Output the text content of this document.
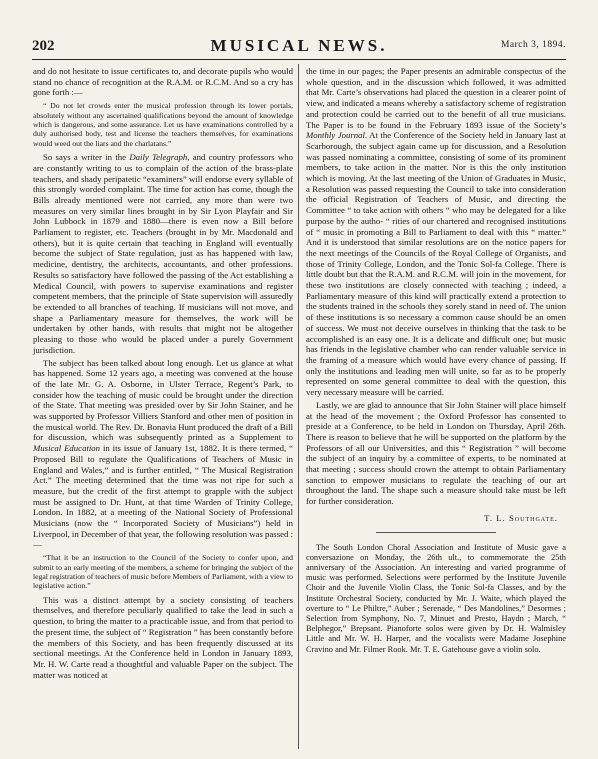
202	MUSICAL NEWS.	March 3, 1894.

and do not hesitate to issue certificates to, and decorate pupils who would stand no chance of recognition at the R.A.M. or R.C.M. And so a cry has gone forth :—

“ Do not let crowds enter the musical profession through its lower portals, absolutely without any ascertained qualifications beyond the amount of knowledge which is dangerous, and some assurance. Let us have examinations controlled by a duly authorised body, test and license the teachers themselves, for examinations would weed out the liars and the charlatans.”

So says a writer in the Daily Telegraph, and country professors who are constantly writing to us to complain of the action of the brass-plate teachers, and shady peripatetic “examiners” will endorse every syllable of this strongly worded complaint. The time for action has come, though the Bills already mentioned were not carried, any more than were two measures on very similar lines brought in by Sir Lyon Playfair and Sir John Lubbock in 1879 and 1880—there is even now a Bill before Parliament to register, etc. Teachers (brought in by Mr. Macdonald and others), but it is quite certain that teaching in England will eventually become the subject of State regulation, just as has happened with law, medicine, dentistry, the architects, accountants, and other professions. Results so satisfactory have followed the passing of the Act establishing a Medical Council, with powers to supervise examinations and register competent members, that the principle of State supervision will assuredly be extended to all branches of teaching. If musicians will not move, and shape a Parliamentary measure for themselves, the work will be undertaken by other hands, with results that might not be altogether pleasing to those who would be placed under a purely Government jurisdiction.

The subject has been talked about long enough. Let us glance at what has happened. Some 12 years ago, a meeting was convened at the house of the late Mr. G. A. Osborne, in Ulster Terrace, Regent’s Park, to consider how the teaching of music could be brought under the direction of the State. That meeting was presided over by Sir John Stainer, and he was supported by Professor Villiers Stanford and other men of position in the musical world. The Rev. Dr. Bonavia Hunt produced the draft of a Bill for discussion, which was subsequently printed as a Supplement to Musical Education in its issue of January 1st, 1882. It is there termed, “ Proposed Bill to regulate the Qualifications of Teachers of Music in England and Wales,” and is further entitled, “ The Musical Registration Act.” The meeting determined that the time was not ripe for such a measure, but the credit of the first attempt to grapple with the subject must be assigned to Dr. Hunt, at that time Warden of Trinity College, London. In 1882, at a meeting of the National Society of Professional Musicians (now the “ Incorporated Society of Musicians”) held in Liverpool, in December of that year, the following resolution was passed :—

“That it be an instruction to the Council of the Society to confer upon, and submit to an early meeting of the members, a scheme for bringing the subject of the legal registration of teachers of music before Members of Parliament, with a view to legislative action.”

This was a distinct attempt by a society consisting of teachers themselves, and therefore peculiarly qualified to take the lead in such a question, to bring the matter to a practicable issue, and from that period to the present time, the subject of “ Registration ” has been constantly before the members of this Society, and has been frequently discussed at its sectional meetings. At the Conference held in London in January 1893, Mr. H. W. Carte read a thoughtful and valuable Paper on the subject. The matter was noticed at

the time in our pages; the Paper presents an admirable conspectus of the whole question, and in the discussion which followed, it was admitted that Mr. Carte’s observations had placed the question in a clearer point of view, and indicated a means whereby a satisfactory scheme of registration and protection could be carried out to the benefit of all true musicians. The Paper is to be found in the February 1893 issue of the Society’s Monthly Journal. At the Conference of the Society held in January last at Scarborough, the subject again came up for discussion, and a Resolution was passed nominating a committee, consisting of some of its prominent members, to take action in the matter. Nor is this the only institution which is moving. At the last meeting of the Union of Graduates in Music, a Resolution was passed requesting the Council to take into consideration the official Registration of Teachers of Music, and directing the Committee “ to take action with others “ who may be delegated for a like purpose by the autho- “ rities of our chartered and recognised institutions of “ music in promoting a Bill to Parliament to deal with this “ matter.” And it is understood that similar resolutions are on the notice papers for the next meetings of the Councils of the Royal College of Organists, and those of Trinity College, London, and the Tonic Sol-fa College. There is little doubt but that the R.A.M. and R.C.M. will join in the movement, for these two institutions are closely connected with teaching ; indeed, a Parliamentary measure of this kind will practically extend a protection to the students trained in the schools they sorely stand in need of. The union of these institutions is so necessary a common cause should be an omen of success. We must not deceive ourselves in thinking that the task to be accomplished is an easy one. It is a delicate and difficult one; but music has friends in the legislative chamber who can render valuable service in the framing of a measure which would have every chance of passing. If only the institutions and leading men will unite, so far as to be properly represented on some general committee to deal with the question, this very necessary measure will be carried.

Lastly, we are glad to announce that Sir John Stainer will place himself at the head of the movement ; the Oxford Professor has consented to preside at a Conference, to be held in London on Thursday, April 26th. There is reason to believe that he will be supported on the platform by the Professors of all our Universities, and this “ Registration ” will become the subject of an inquiry by a committee of experts, to be nominated at that meeting ; success should crown the attempt to obtain Parliamentary sanction to empower musicians to regulate the teaching of our art throughout the land. The shape such a measure should take must be left for further consideration.

T. L. Southgate.

The South London Choral Association and Institute of Music gave a conversazione on Monday, the 26th ult., to commemorate the 25th anniversary of the Association. An interesting and varied programme of music was performed. Selections were performed by the Institute Juvenile Choir and the Juvenile Violin Class, the Tonic Sol-fa Classes, and by the Institute Orchestral Society, conducted by Mr. J. Waite, which played the overture to “ Le Philtre,” Auber ; Serenade, “ Des Mandolines,” Desormes ; Selection from Symphony, No. 7, Minuet and Presto, Haydn ; March, “ Belphegor,” Brepsant. Pianoforte solos were given by Dr. H. Walmisley Little and Mr. W. H. Harper, and the vocalists were Madame Josephine Cravino and Mr. Filmer Rook. Mr. T. E. Gatehouse gave a violin solo.
